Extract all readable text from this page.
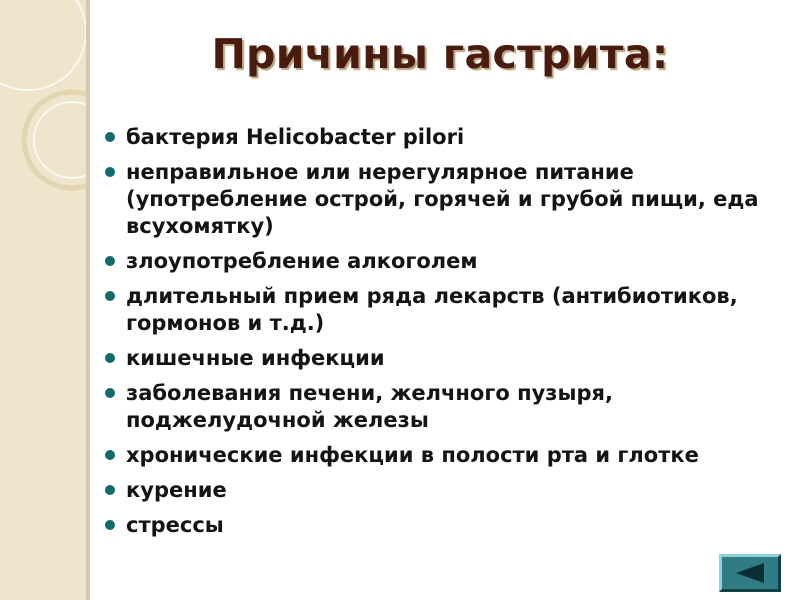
Причины гастрита:
бактерия Helicobacter pilori
неправильное или нерегулярное питание (употребление острой, горячей и грубой пищи, еда всухомятку)
злоупотребление алкоголем
длительный прием ряда лекарств (антибиотиков, гормонов и т.д.)
кишечные инфекции
заболевания печени, желчного пузыря, поджелудочной железы
хронические инфекции в полости рта и глотке
курение
стрессы
